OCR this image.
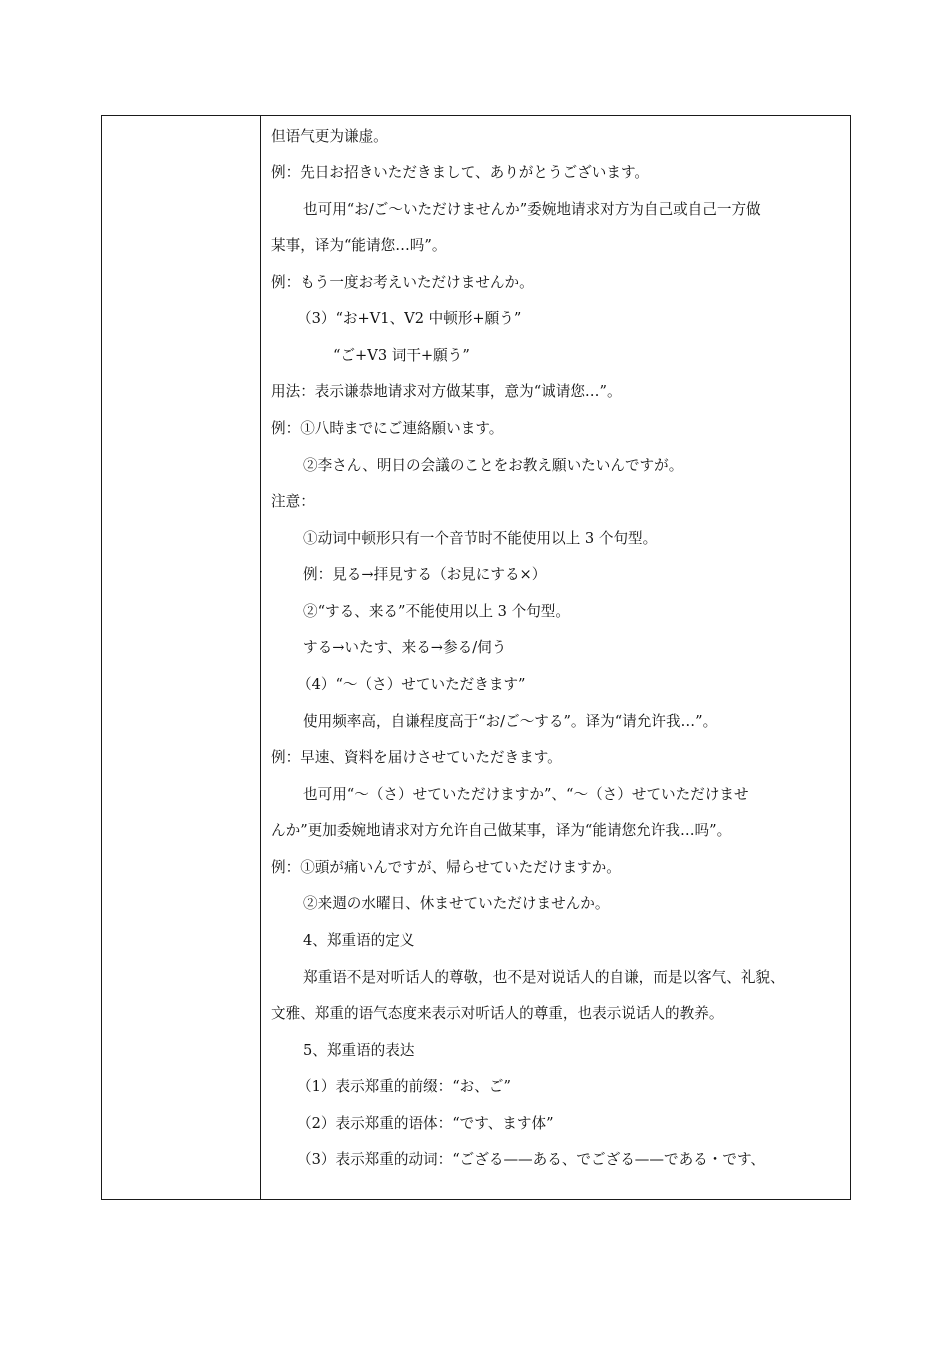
但语气更为谦虚。
例：先日お招きいただきまして、ありがとうございます。
也可用“お/ご～いただけませんか”委婉地请求对方为自己或自己一方做
某事，译为“能请您…吗”。
例：もう一度お考えいただけませんか。
（3）“お+V1、V2 中顿形+願う”
“ご+V3 词干+願う”
用法：表示谦恭地请求对方做某事，意为“诚请您…”。
例：①八時までにご連絡願います。
②李さん、明日の会議のことをお教え願いたいんですが。
注意：
①动词中顿形只有一个音节时不能使用以上 3 个句型。
例：見る→拝見する（お見にする×）
②“する、来る”不能使用以上 3 个句型。
する→いたす、来る→参る/伺う
（4）“～（さ）せていただきます”
使用频率高，自谦程度高于“お/ご～する”。译为“请允许我…”。
例：早速、資料を届けさせていただきます。
也可用“～（さ）せていただけますか”、“～（さ）せていただけませ
んか”更加委婉地请求对方允许自己做某事，译为“能请您允许我…吗”。
例：①頭が痛いんですが、帰らせていただけますか。
②来週の水曜日、休ませていただけませんか。
4、郑重语的定义
郑重语不是对听话人的尊敬，也不是对说话人的自谦，而是以客气、礼貌、
文雅、郑重的语气态度来表示对听话人的尊重，也表示说话人的教养。
5、郑重语的表达
（1）表示郑重的前缀：“お、ご”
（2）表示郑重的语体：“です、ます体”
（3）表示郑重的动词：“ござる——ある、でござる——である・です、
